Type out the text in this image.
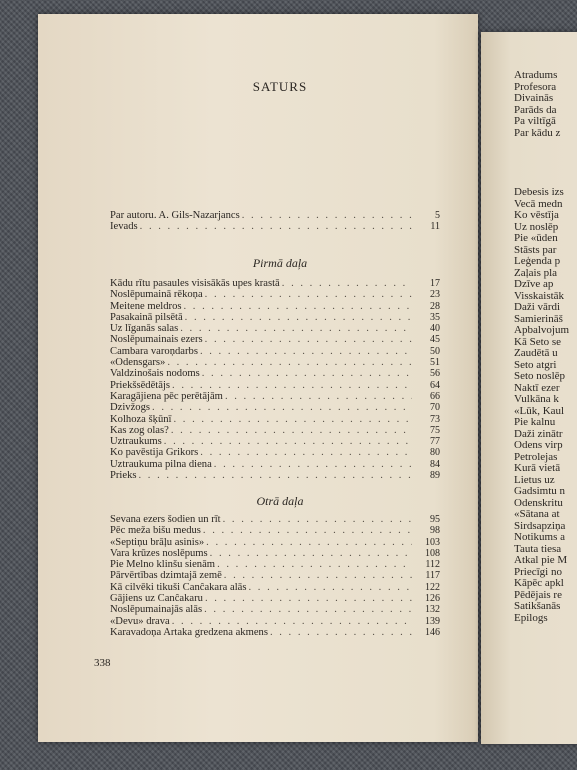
SATURS
Par autoru. A. Gils-Nazarjancs . . .	5
Ievads . . .	11
Pirmā daļa
Kādu rītu pasaules visisākās upes krastā . . .	17
Noslēpumainā rēkoņa . . .	23
Meitene meldros . . .	28
Pasakainā pilsētā . . .	35
Uz līganās salas . . .	40
Noslēpumainais ezers . . .	45
Cambara varoņdarbs . . .	50
«Odensgars» . . .	51
Valdzinošais nodoms . . .	56
Priekšsēdētājs . . .	64
Karagājiena pēc perētājām . . .	66
Dzivžogs . . .	70
Kolhoza šķūnī . . .	73
Kas zog olas? . . .	75
Uztraukums . . .	77
Ko pavēstija Grikors . . .	80
Uztraukuma pilna diena . . .	84
Prieks . . .	89
Otrā daļa
Sevana ezers šodien un rīt . . .	95
Pēc meža bišu medus . . .	98
«Septiņu brāļu asinis» . . .	103
Vara krūzes noslēpums . . .	108
Pie Melno klinšu sienām . . .	112
Pārvērtības dzimtajā zemē . . .	117
Kā cilvēki tikuši Canĉakara alās . . .	122
Gājiens uz Canĉakaru . . .	126
Noslēpumainajās alās . . .	132
«Devu» drava . . .	139
Karavadoņa Artaka gredzena akmens . . .	146
338
Atradums
Profesora
Divainās
Parāds da
Pa viltīgā
Par kādu z
Debesis izs
Vecā medn
Ko vēstīja
Uz noslēp
Pie «ūden
Stāsts par
Leģenda p
Zaļais pla
Dzīve ap
Visskaistāk
Daži vārdi
Samierināš
Apbalvojum
Kā Seto se
Zaudētā u
Seto atgri
Seto noslēp
Naktī ezer
Vulkāna k
«Lūk, Kaul
Pie kalnu
Daži zinātr
Odens virp
Petrolejas
Kurā vietā
Lietus uz
Gadsimtu n
Odenskritu
«Sātana at
Sirdsapziņa
Notikums a
Tauta tiesa
Atkal pie M
Priecīgi no
Kāpēc apkl
Pēdējais re
Satikšanās
Epilogs
